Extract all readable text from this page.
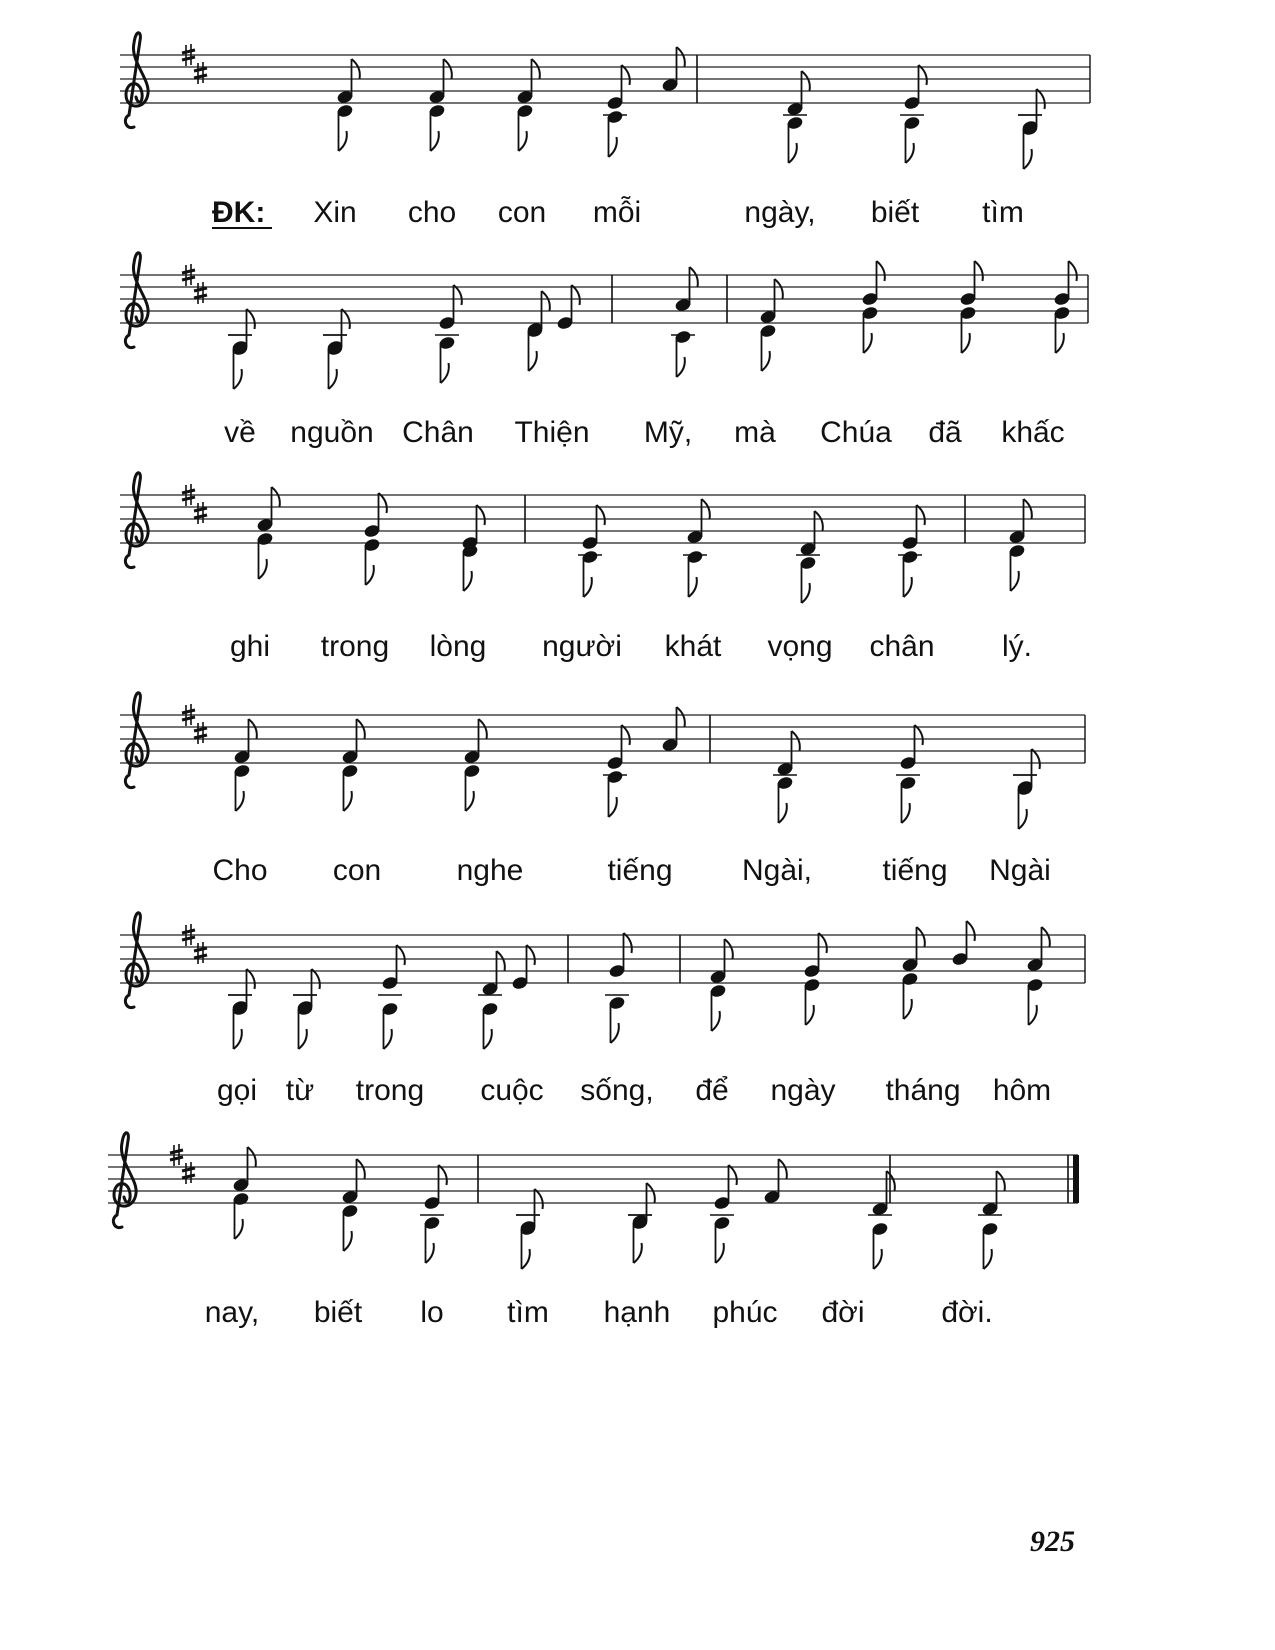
ĐK: Xin cho con mỗi	ngày, biết tìm
về nguồn Chân Thiện Mỹ, mà Chúa đã khấc
ghi trong lòng người khát vọng chân lý.
Cho con	nghe	tiếng Ngài, tiếng Ngài
gọi từ trong cuộc sống, để ngày tháng hôm
nay, biết lo tìm hạnh phúc đời	đời.
925
